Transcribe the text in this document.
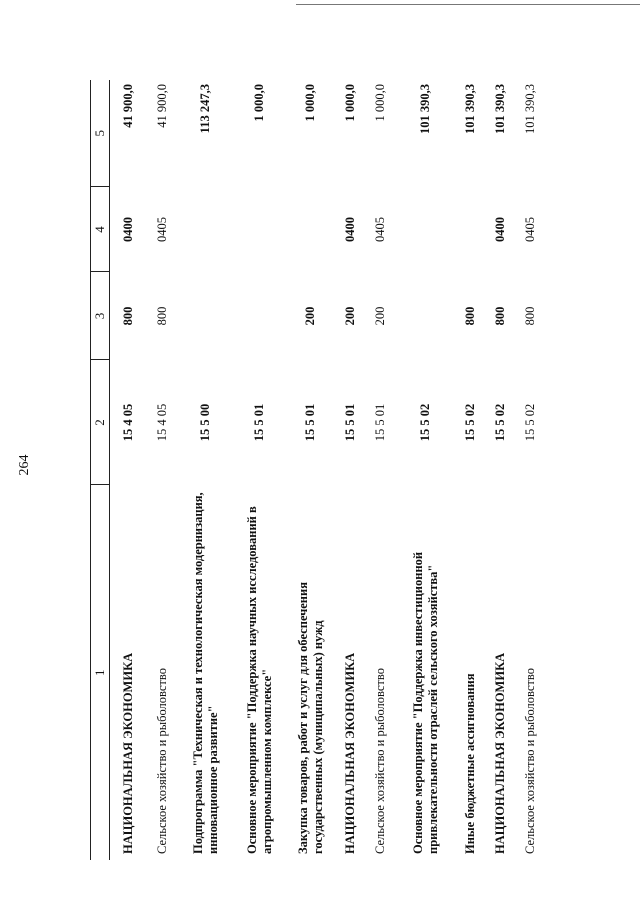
264
1	2	3	4	5
НАЦИОНАЛЬНАЯ ЭКОНОМИКА	15 4 05	800	0400	41 900,0
Сельское хозяйство и рыболовство	15 4 05	800	0405	41 900,0
Подпрограмма "Техническая и технологическая модернизация, инновационное развитие"	15 5 00			113 247,3
Основное мероприятие "Поддержка научных исследований в агропромышленном комплексе"	15 5 01			1 000,0
Закупка товаров, работ и услуг для обеспечения государственных (муниципальных) нужд	15 5 01	200		1 000,0
НАЦИОНАЛЬНАЯ ЭКОНОМИКА	15 5 01	200	0400	1 000,0
Сельское хозяйство и рыболовство	15 5 01	200	0405	1 000,0
Основное мероприятие "Поддержка инвестиционной привлекательности отраслей сельского хозяйства"	15 5 02			101 390,3
Иные бюджетные ассигнования	15 5 02	800		101 390,3
НАЦИОНАЛЬНАЯ ЭКОНОМИКА	15 5 02	800	0400	101 390,3
Сельское хозяйство и рыболовство	15 5 02	800	0405	101 390,3
